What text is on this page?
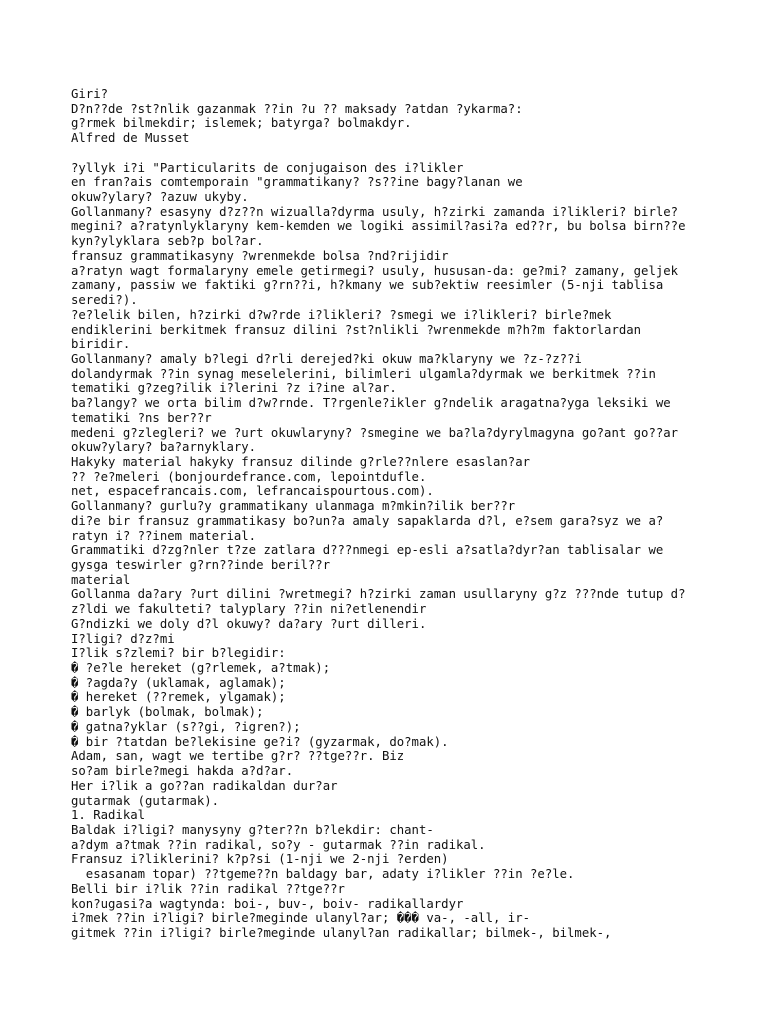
Giri?
D?n??de ?st?nlik gazanmak ??in ?u ?? maksady ?atdan ?ykarma?:
g?rmek bilmekdir; islemek; batyrga? bolmakdyr.
Alfred de Musset
?yllyk i?i "Particularits de conjugaison des i?likler
en fran?ais comtemporain "grammatikany? ?s??ine bagy?lanan we
okuw?ylary? ?azuw ukyby.
Gollanmany? esasyny d?z??n wizualla?dyrma usuly, h?zirki zamanda i?likleri? birle?
megini? a?ratynlyklaryny kem-kemden we logiki assimil?asi?a ed??r, bu bolsa birn??e
kyn?ylyklara seb?p bol?ar.
fransuz grammatikasyny ?wrenmekde bolsa ?nd?rijidir
a?ratyn wagt formalaryny emele getirmegi? usuly, hususan-da: ge?mi? zamany, geljek
zamany, passiw we faktiki g?rn??i, h?kmany we sub?ektiw reesimler (5-nji tablisa
seredi?).
?e?lelik bilen, h?zirki d?w?rde i?likleri? ?smegi we i?likleri? birle?mek
endiklerini berkitmek fransuz dilini ?st?nlikli ?wrenmekde m?h?m faktorlardan
biridir.
Gollanmany? amaly b?legi d?rli derejed?ki okuw ma?klaryny we ?z-?z??i
dolandyrmak ??in synag meselelerini, bilimleri ulgamla?dyrmak we berkitmek ??in
tematiki g?zeg?ilik i?lerini ?z i?ine al?ar.
ba?langy? we orta bilim d?w?rnde. T?rgenle?ikler g?ndelik aragatna?yga leksiki we
tematiki ?ns ber??r
medeni g?zlegleri? we ?urt okuwlaryny? ?smegine we ba?la?dyrylmagyna go?ant go??ar
okuw?ylary? ba?arnyklary.
Hakyky material hakyky fransuz dilinde g?rle??nlere esaslan?ar
?? ?e?meleri (bonjourdefrance.com, lepointdufle.
net, espacefrancais.com, lefrancaispourtous.com).
Gollanmany? gurlu?y grammatikany ulanmaga m?mkin?ilik ber??r
di?e bir fransuz grammatikasy bo?un?a amaly sapaklarda d?l, e?sem gara?syz we a?
ratyn i? ??inem material.
Grammatiki d?zg?nler t?ze zatlara d???nmegi ep-esli a?satla?dyr?an tablisalar we
gysga teswirler g?rn??inde beril??r
material
Gollanma da?ary ?urt dilini ?wretmegi? h?zirki zaman usullaryny g?z ???nde tutup d?
z?ldi we fakulteti? talyplary ??in ni?etlenendir
G?ndizki we doly d?l okuwy? da?ary ?urt dilleri.
I?ligi? d?z?mi
I?lik s?zlemi? bir b?legidir:
� ?e?le hereket (g?rlemek, a?tmak);
� ?agda?y (uklamak, aglamak);
� hereket (??remek, ylgamak);
� barlyk (bolmak, bolmak);
� gatna?yklar (s??gi, ?igren?);
� bir ?tatdan be?lekisine ge?i? (gyzarmak, do?mak).
Adam, san, wagt we tertibe g?r? ??tge??r. Biz
so?am birle?megi hakda a?d?ar.
Her i?lik a go??an radikaldan dur?ar
gutarmak (gutarmak).
1. Radikal
Baldak i?ligi? manysyny g?ter??n b?lekdir: chant-
a?dym a?tmak ??in radikal, so?y - gutarmak ??in radikal.
Fransuz i?liklerini? k?p?si (1-nji we 2-nji ?erden)
esasanam topar) ??tgeme??n baldagy bar, adaty i?likler ??in ?e?le.
Belli bir i?lik ??in radikal ??tge??r
kon?ugasi?a wagtynda: boi-, buv-, boiv- radikallardyr
i?mek ??in i?ligi? birle?meginde ulanyl?ar; ��� va-, -all, ir-
gitmek ??in i?ligi? birle?meginde ulanyl?an radikallar; bilmek-, bilmek-,
